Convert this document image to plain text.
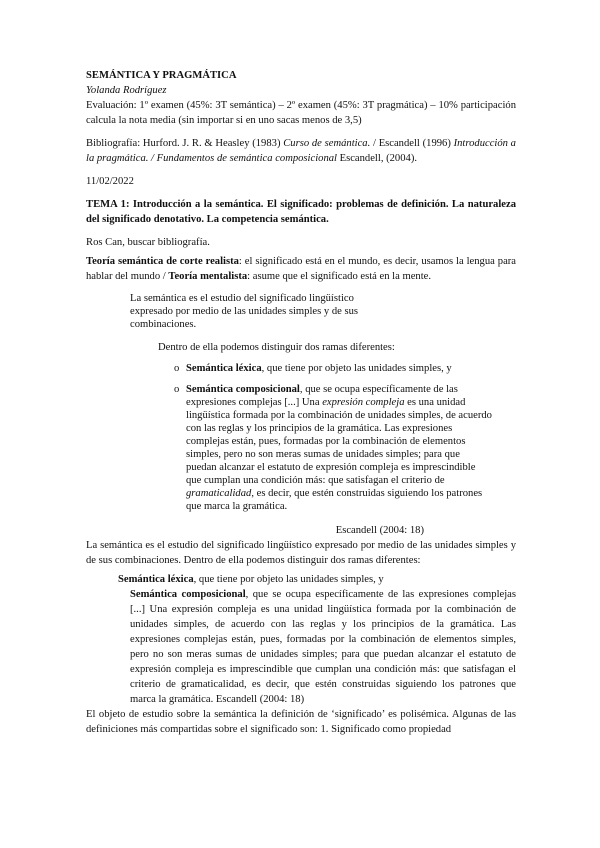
SEMÁNTICA Y PRAGMÁTICA

Yolanda Rodríguez

Evaluación: 1º examen (45%: 3T semántica) – 2º examen (45%: 3T pragmática) – 10% participación calcula la nota media (sin importar si en uno sacas menos de 3,5)

Bibliografía: Hurford. J. R. & Heasley (1983) Curso de semántica. / Escandell (1996) Introducción a la pragmática. / Fundamentos de semántica composicional Escandell, (2004).

11/02/2022

TEMA 1: Introducción a la semántica. El significado: problemas de definición. La naturaleza del significado denotativo. La competencia semántica.

Ros Can, buscar bibliografía.

Teoría semántica de corte realista: el significado está en el mundo, es decir, usamos la lengua para hablar del mundo / Teoría mentalista: asume que el significado está en la mente.

La semántica es el estudio del significado lingüístico expresado por medio de las unidades simples y de sus combinaciones.

Dentro de ella podemos distinguir dos ramas diferentes:

o Semántica léxica, que tiene por objeto las unidades simples, y
o Semántica composicional, que se ocupa específicamente de las expresiones complejas [...] Una expresión compleja es una unidad lingüística formada por la combinación de unidades simples, de acuerdo con las reglas y los principios de la gramática. Las expresiones complejas están, pues, formadas por la combinación de elementos simples, pero no son meras sumas de unidades simples; para que puedan alcanzar el estatuto de expresión compleja es imprescindible que cumplan una condición más: que satisfagan el criterio de gramaticalidad, es decir, que estén construidas siguiendo los patrones que marca la gramática.

Escandell (2004: 18)

La semántica es el estudio del significado lingüístico expresado por medio de las unidades simples y de sus combinaciones. Dentro de ella podemos distinguir dos ramas diferentes:

Semántica léxica, que tiene por objeto las unidades simples, y

Semántica composicional, que se ocupa específicamente de las expresiones complejas [...] Una expresión compleja es una unidad lingüística formada por la combinación de unidades simples, de acuerdo con las reglas y los principios de la gramática. Las expresiones complejas están, pues, formadas por la combinación de elementos simples, pero no son meras sumas de unidades simples; para que puedan alcanzar el estatuto de expresión compleja es imprescindible que cumplan una condición más: que satisfagan el criterio de gramaticalidad, es decir, que estén construidas siguiendo los patrones que marca la gramática. Escandell (2004: 18)

El objeto de estudio sobre la semántica la definición de ‘significado’ es polisémica. Algunas de las definiciones más compartidas sobre el significado son: 1. Significado como propiedad
